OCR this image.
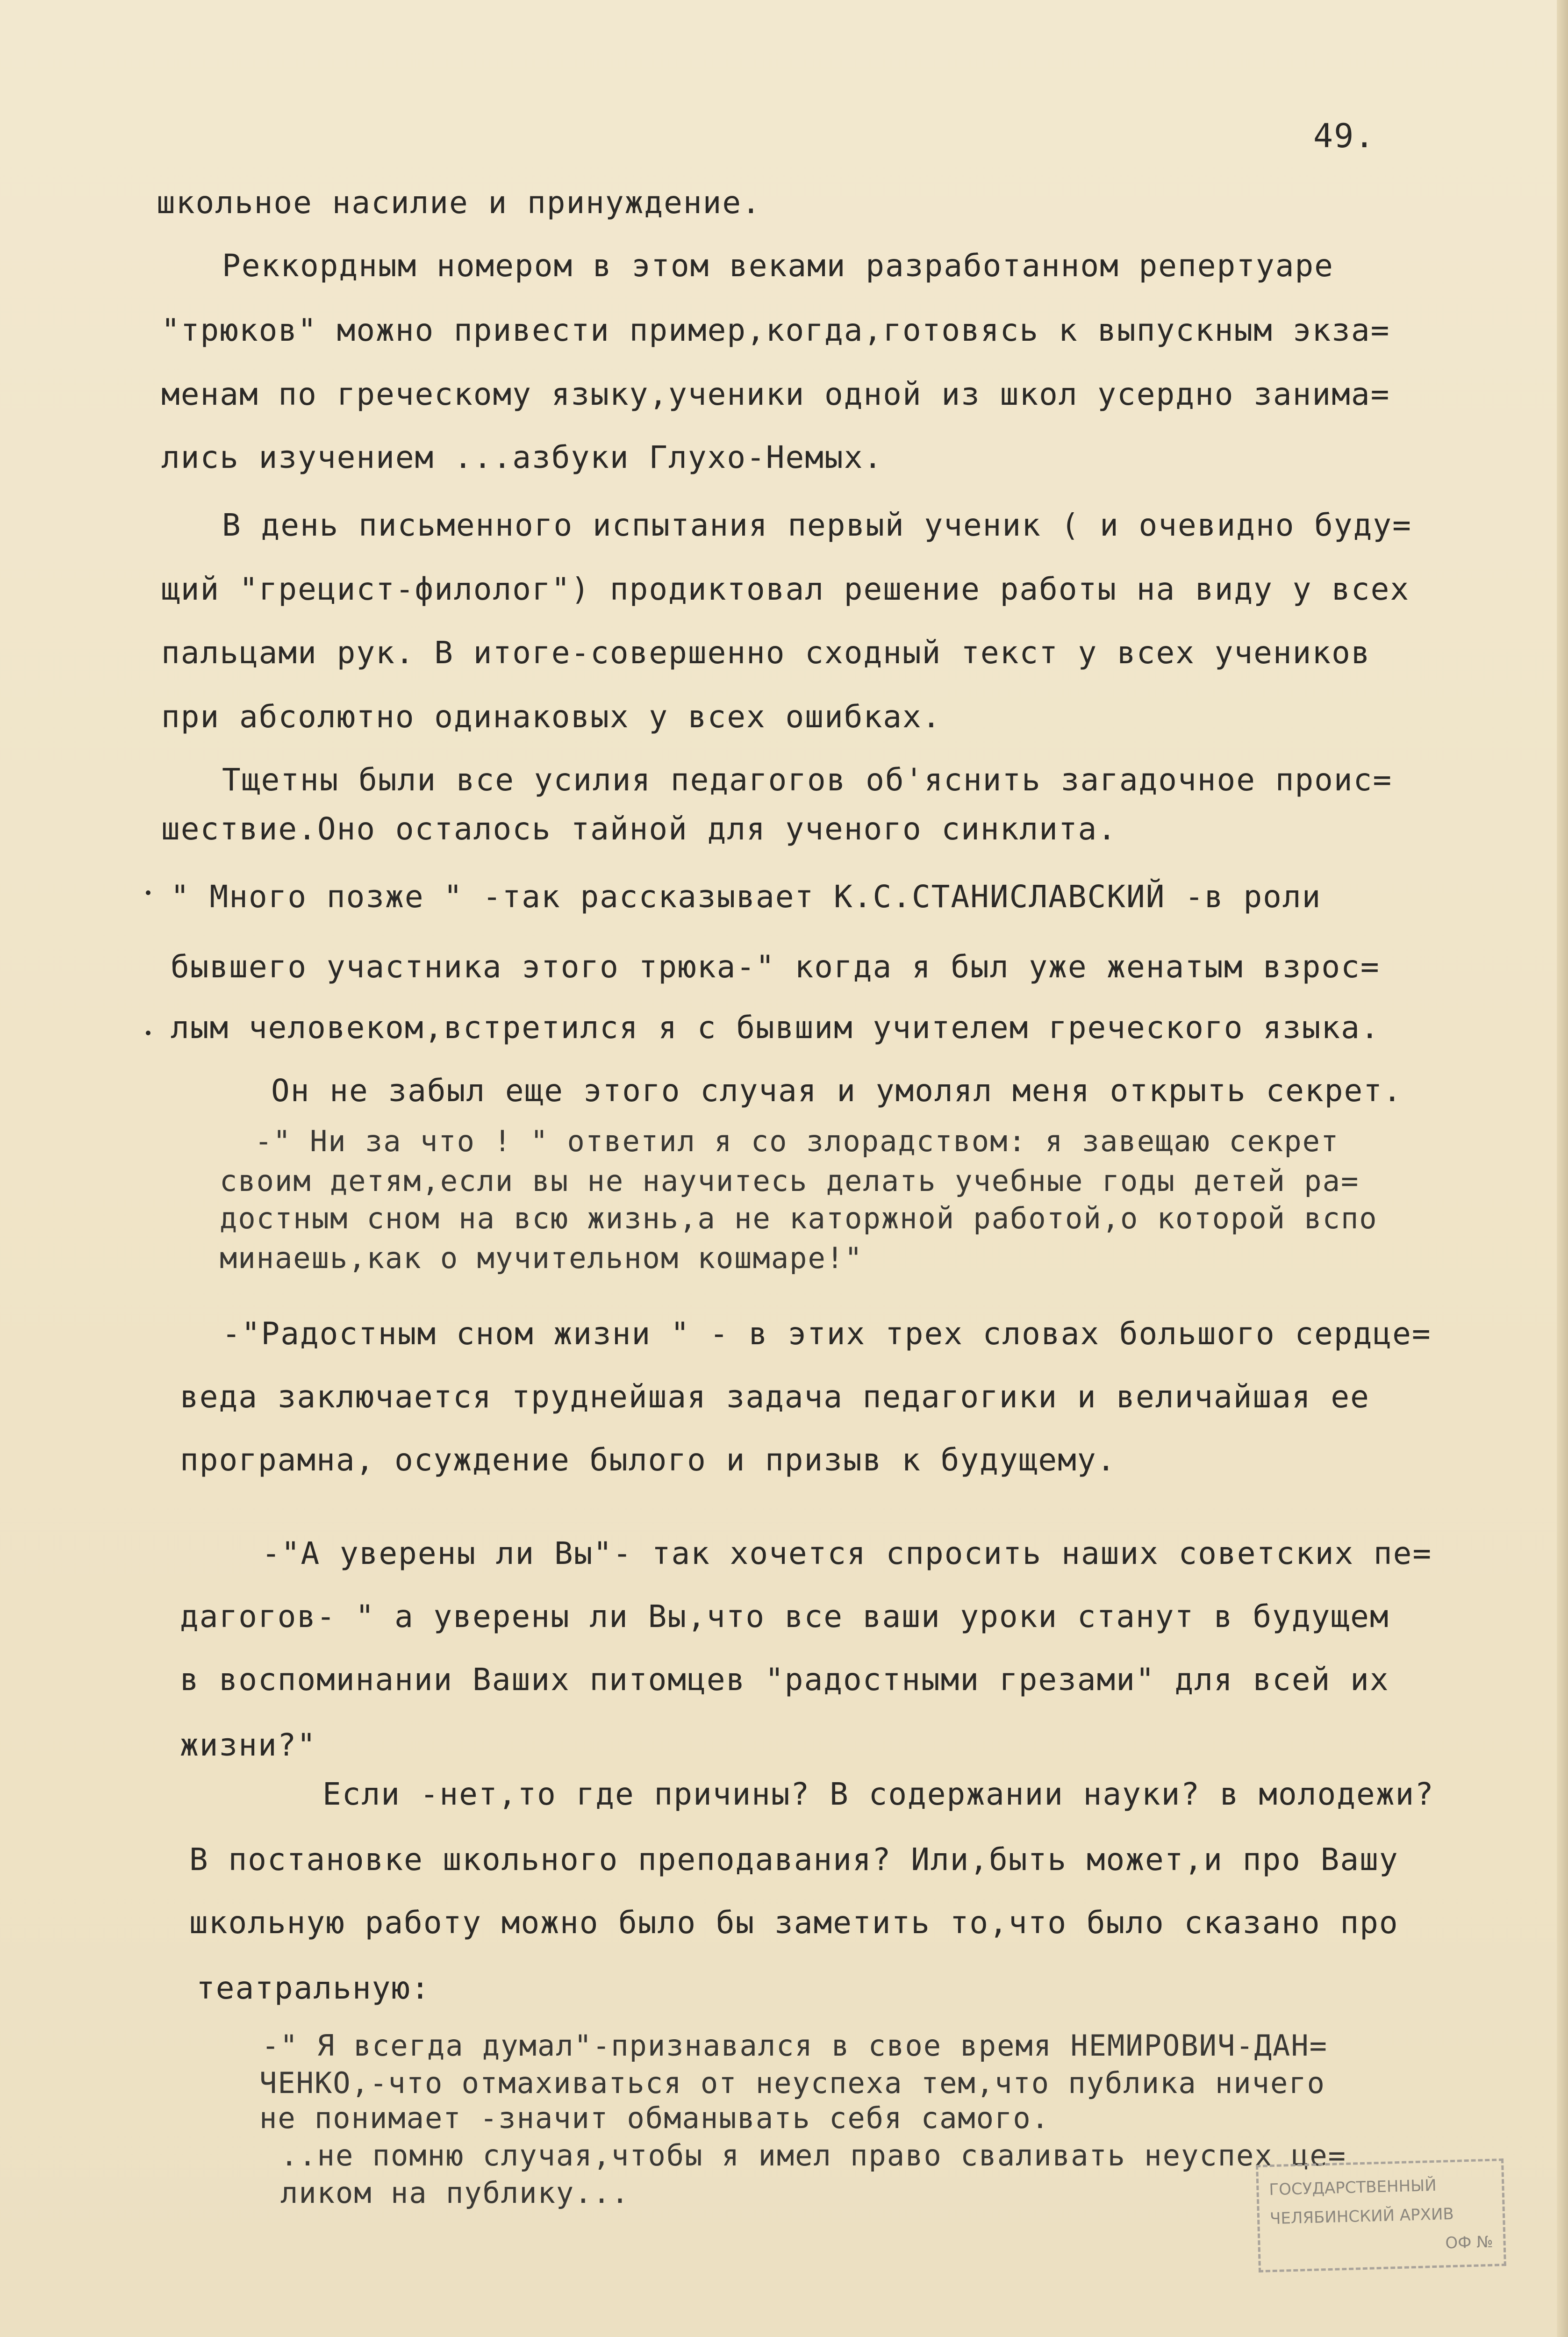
49.
школьное насилие и принуждение.
Реккордным номером в этом веками разработанном репертуаре
"трюков" можно привести пример,когда,готовясь к выпускным экза=
менам по греческому языку,ученики одной из школ усердно занима=
лись изучением ...азбуки Глухо-Немых.
В день письменного испытания первый ученик ( и очевидно буду=
щий "грецист-филолог") продиктовал решение работы на виду у всех
пальцами рук. В итоге-совершенно сходный текст у всех учеников
при абсолютно одинаковых у всех ошибках.
Тщетны были все усилия педагогов об'яснить загадочное проис=
шествие.Оно осталось тайной для ученого синклита.
" Много позже " -так рассказывает К.С.СТАНИСЛАВСКИЙ -в роли
бывшего участника этого трюка-" когда я был уже женатым взрос=
лым человеком,встретился я с бывшим учителем греческого языка.
Он не забыл еще этого случая и умолял меня открыть секрет.
-" Ни за что ! " ответил я со злорадством: я завещаю секрет
своим детям,если вы не научитесь делать учебные годы детей ра=
достным сном на всю жизнь,а не каторжной работой,о которой вспо
минаешь,как о мучительном кошмаре!"
-"Радостным сном жизни " - в этих трех словах большого сердце=
веда заключается труднейшая задача педагогики и величайшая ее
програмна, осуждение былого и призыв к будущему.
-"А уверены ли Вы"- так хочется спросить наших советских пе=
дагогов- " а уверены ли Вы,что все ваши уроки станут в будущем
в воспоминании Ваших питомцев "радостными грезами" для всей их
жизни?"
Если -нет,то где причины? В содержании науки? в молодежи?
В постановке школьного преподавания? Или,быть может,и про Вашу
школьную работу можно было бы заметить то,что было сказано про
театральную:
-" Я всегда думал"-признавался в свое время НЕМИРОВИЧ-ДАН=
ЧЕНКО,-что отмахиваться от неуспеха тем,что публика ничего
не понимает -значит обманывать себя самого.
..не помню случая,чтобы я имел право сваливать неуспех це=
ликом на публику...	ГОСУДАРСТВЕННЫЙ
ЧЕЛЯБИНСКИЙ АРХИВ
ОФ №
